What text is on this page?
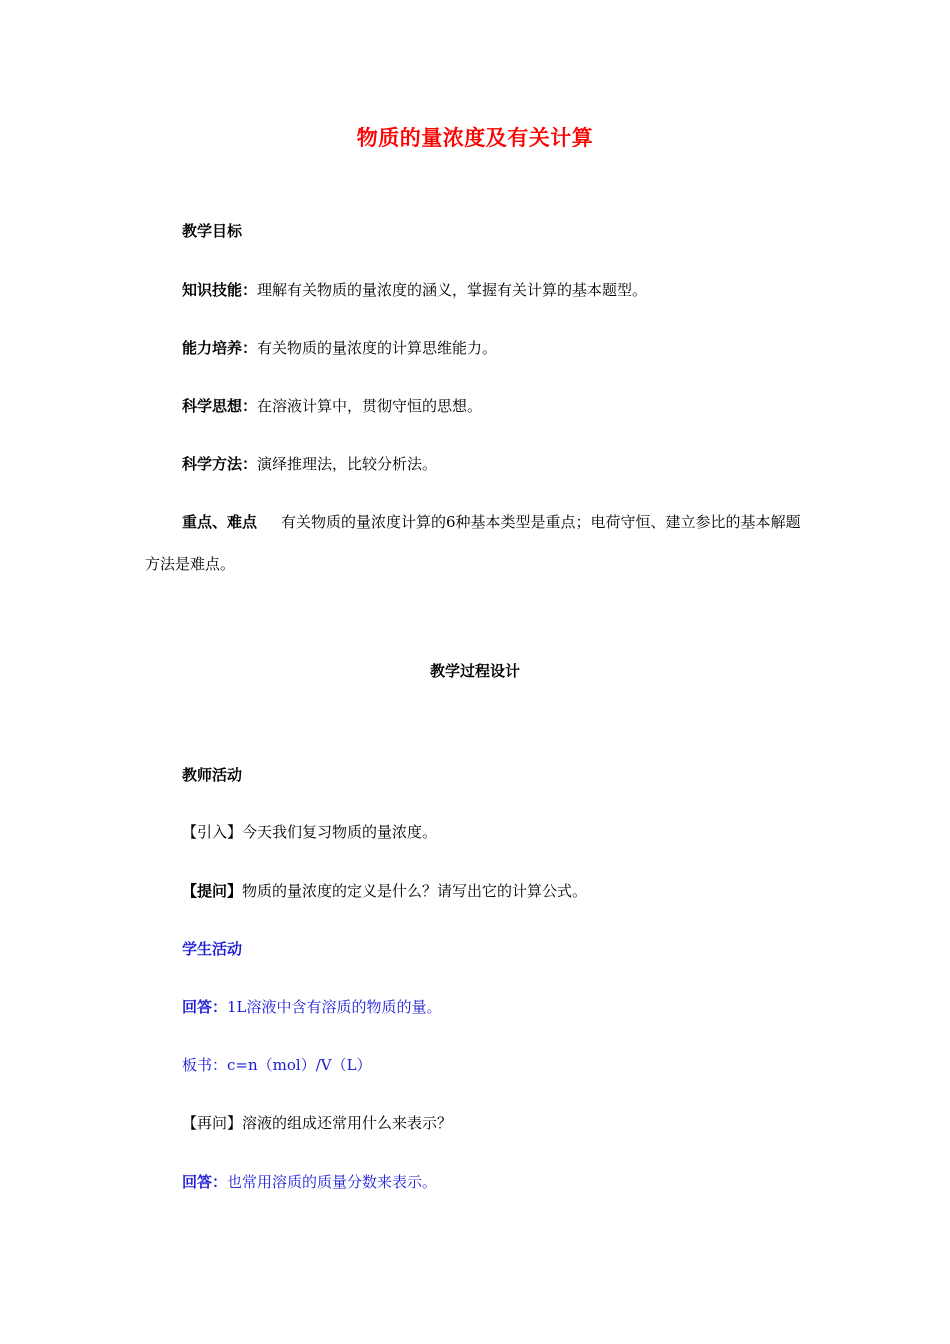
物质的量浓度及有关计算
教学目标
知识技能：理解有关物质的量浓度的涵义，掌握有关计算的基本题型。
能力培养：有关物质的量浓度的计算思维能力。
科学思想：在溶液计算中，贯彻守恒的思想。
科学方法：演绎推理法，比较分析法。
重点、难点 有关物质的量浓度计算的6种基本类型是重点；电荷守恒、建立参比的基本解题方法是难点。
教学过程设计
教师活动
【引入】今天我们复习物质的量浓度。
【提问】物质的量浓度的定义是什么？请写出它的计算公式。
学生活动
回答：1L溶液中含有溶质的物质的量。
板书：c=n（mol）/V（L）
【再问】溶液的组成还常用什么来表示？
回答：也常用溶质的质量分数来表示。
